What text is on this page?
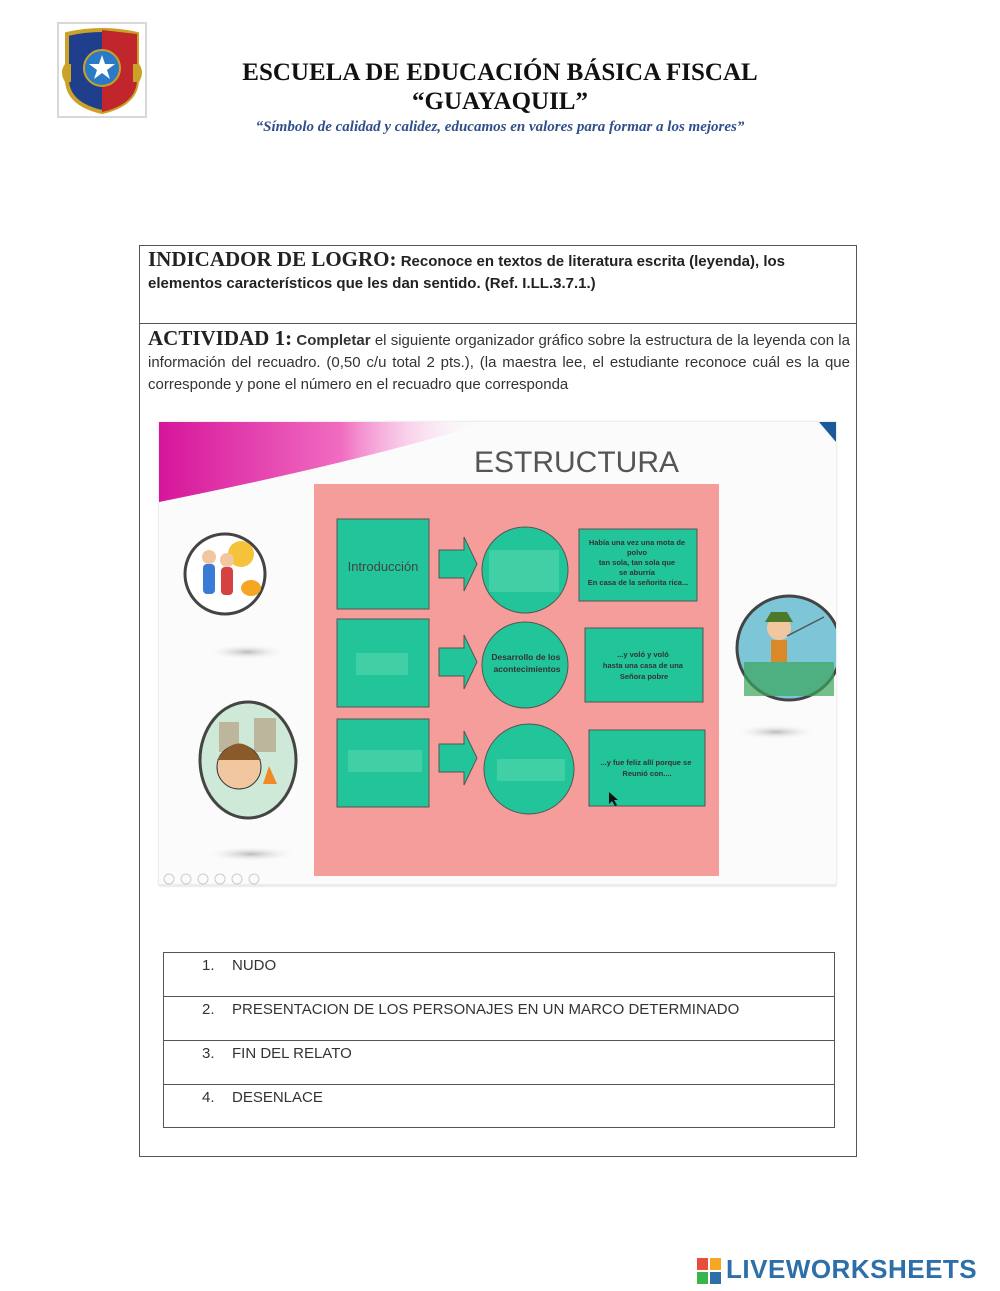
ESCUELA DE EDUCACIÓN BÁSICA FISCAL
“GUAYAQUIL”
“Símbolo de calidad y calidez, educamos en valores para formar a los mejores”
INDICADOR DE LOGRO: Reconoce en textos de literatura escrita (leyenda), los elementos característicos que les dan sentido. (Ref. I.LL.3.7.1.)
ACTIVIDAD 1: Completar el siguiente organizador gráfico sobre la estructura de la leyenda con la información del recuadro. (0,50 c/u total 2 pts.), (la maestra lee, el estudiante reconoce cuál es la que corresponde y pone el número en el recuadro que corresponda
ESTRUCTURA
Introducción
Había una vez una mota de polvo tan sola, tan sola que se aburría En casa de la señorita rica...
Desarrollo de los acontecimientos
...y voló y voló hasta una casa de una Señora pobre
...y fue feliz allí porque se Reunió con....
1. NUDO
2. PRESENTACION DE LOS PERSONAJES EN UN MARCO DETERMINADO
3. FIN DEL RELATO
4. DESENLACE
LIVEWORKSHEETS
